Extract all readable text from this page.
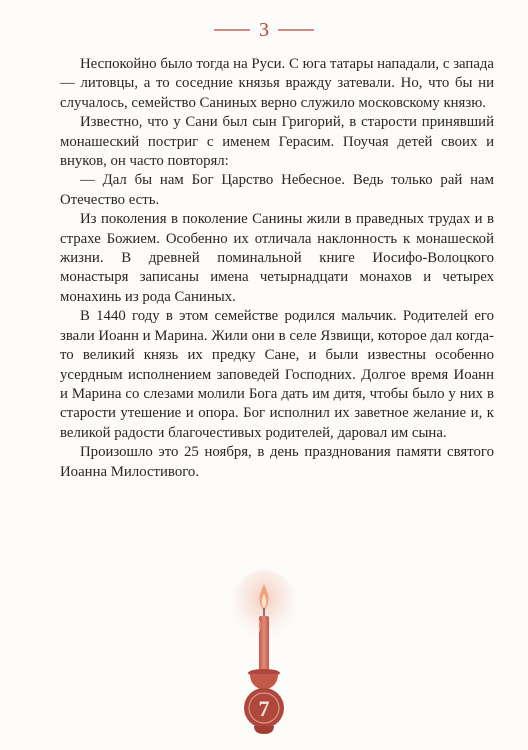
3

Неспокойно было тогда на Руси. С юга татары нападали, с запада — литовцы, а то соседние князья вражду затевали. Но, что бы ни случалось, семейство Саниных верно служило московскому князю.

Известно, что у Сани был сын Григорий, в старости принявший монашеский постриг с именем Герасим. Поучая детей своих и внуков, он часто повторял:

— Дал бы нам Бог Царство Небесное. Ведь только рай нам Отечество есть.

Из поколения в поколение Санины жили в праведных трудах и в страхе Божием. Особенно их отличала наклонность к монашеской жизни. В древней поминальной книге Иосифо-Волоцкого монастыря записаны имена четырнадцати монахов и четырех монахинь из рода Саниных.

В 1440 году в этом семействе родился мальчик. Родителей его звали Иоанн и Марина. Жили они в селе Язвищи, которое дал когда-то великий князь их предку Сане, и были известны особенно усердным исполнением заповедей Господних. Долгое время Иоанн и Марина со слезами молили Бога дать им дитя, чтобы было у них в старости утешение и опора. Бог исполнил их заветное желание и, к великой радости благочестивых родителей, даровал им сына.

Произошло это 25 ноября, в день празднования памяти святого Иоанна Милостивого.

7
